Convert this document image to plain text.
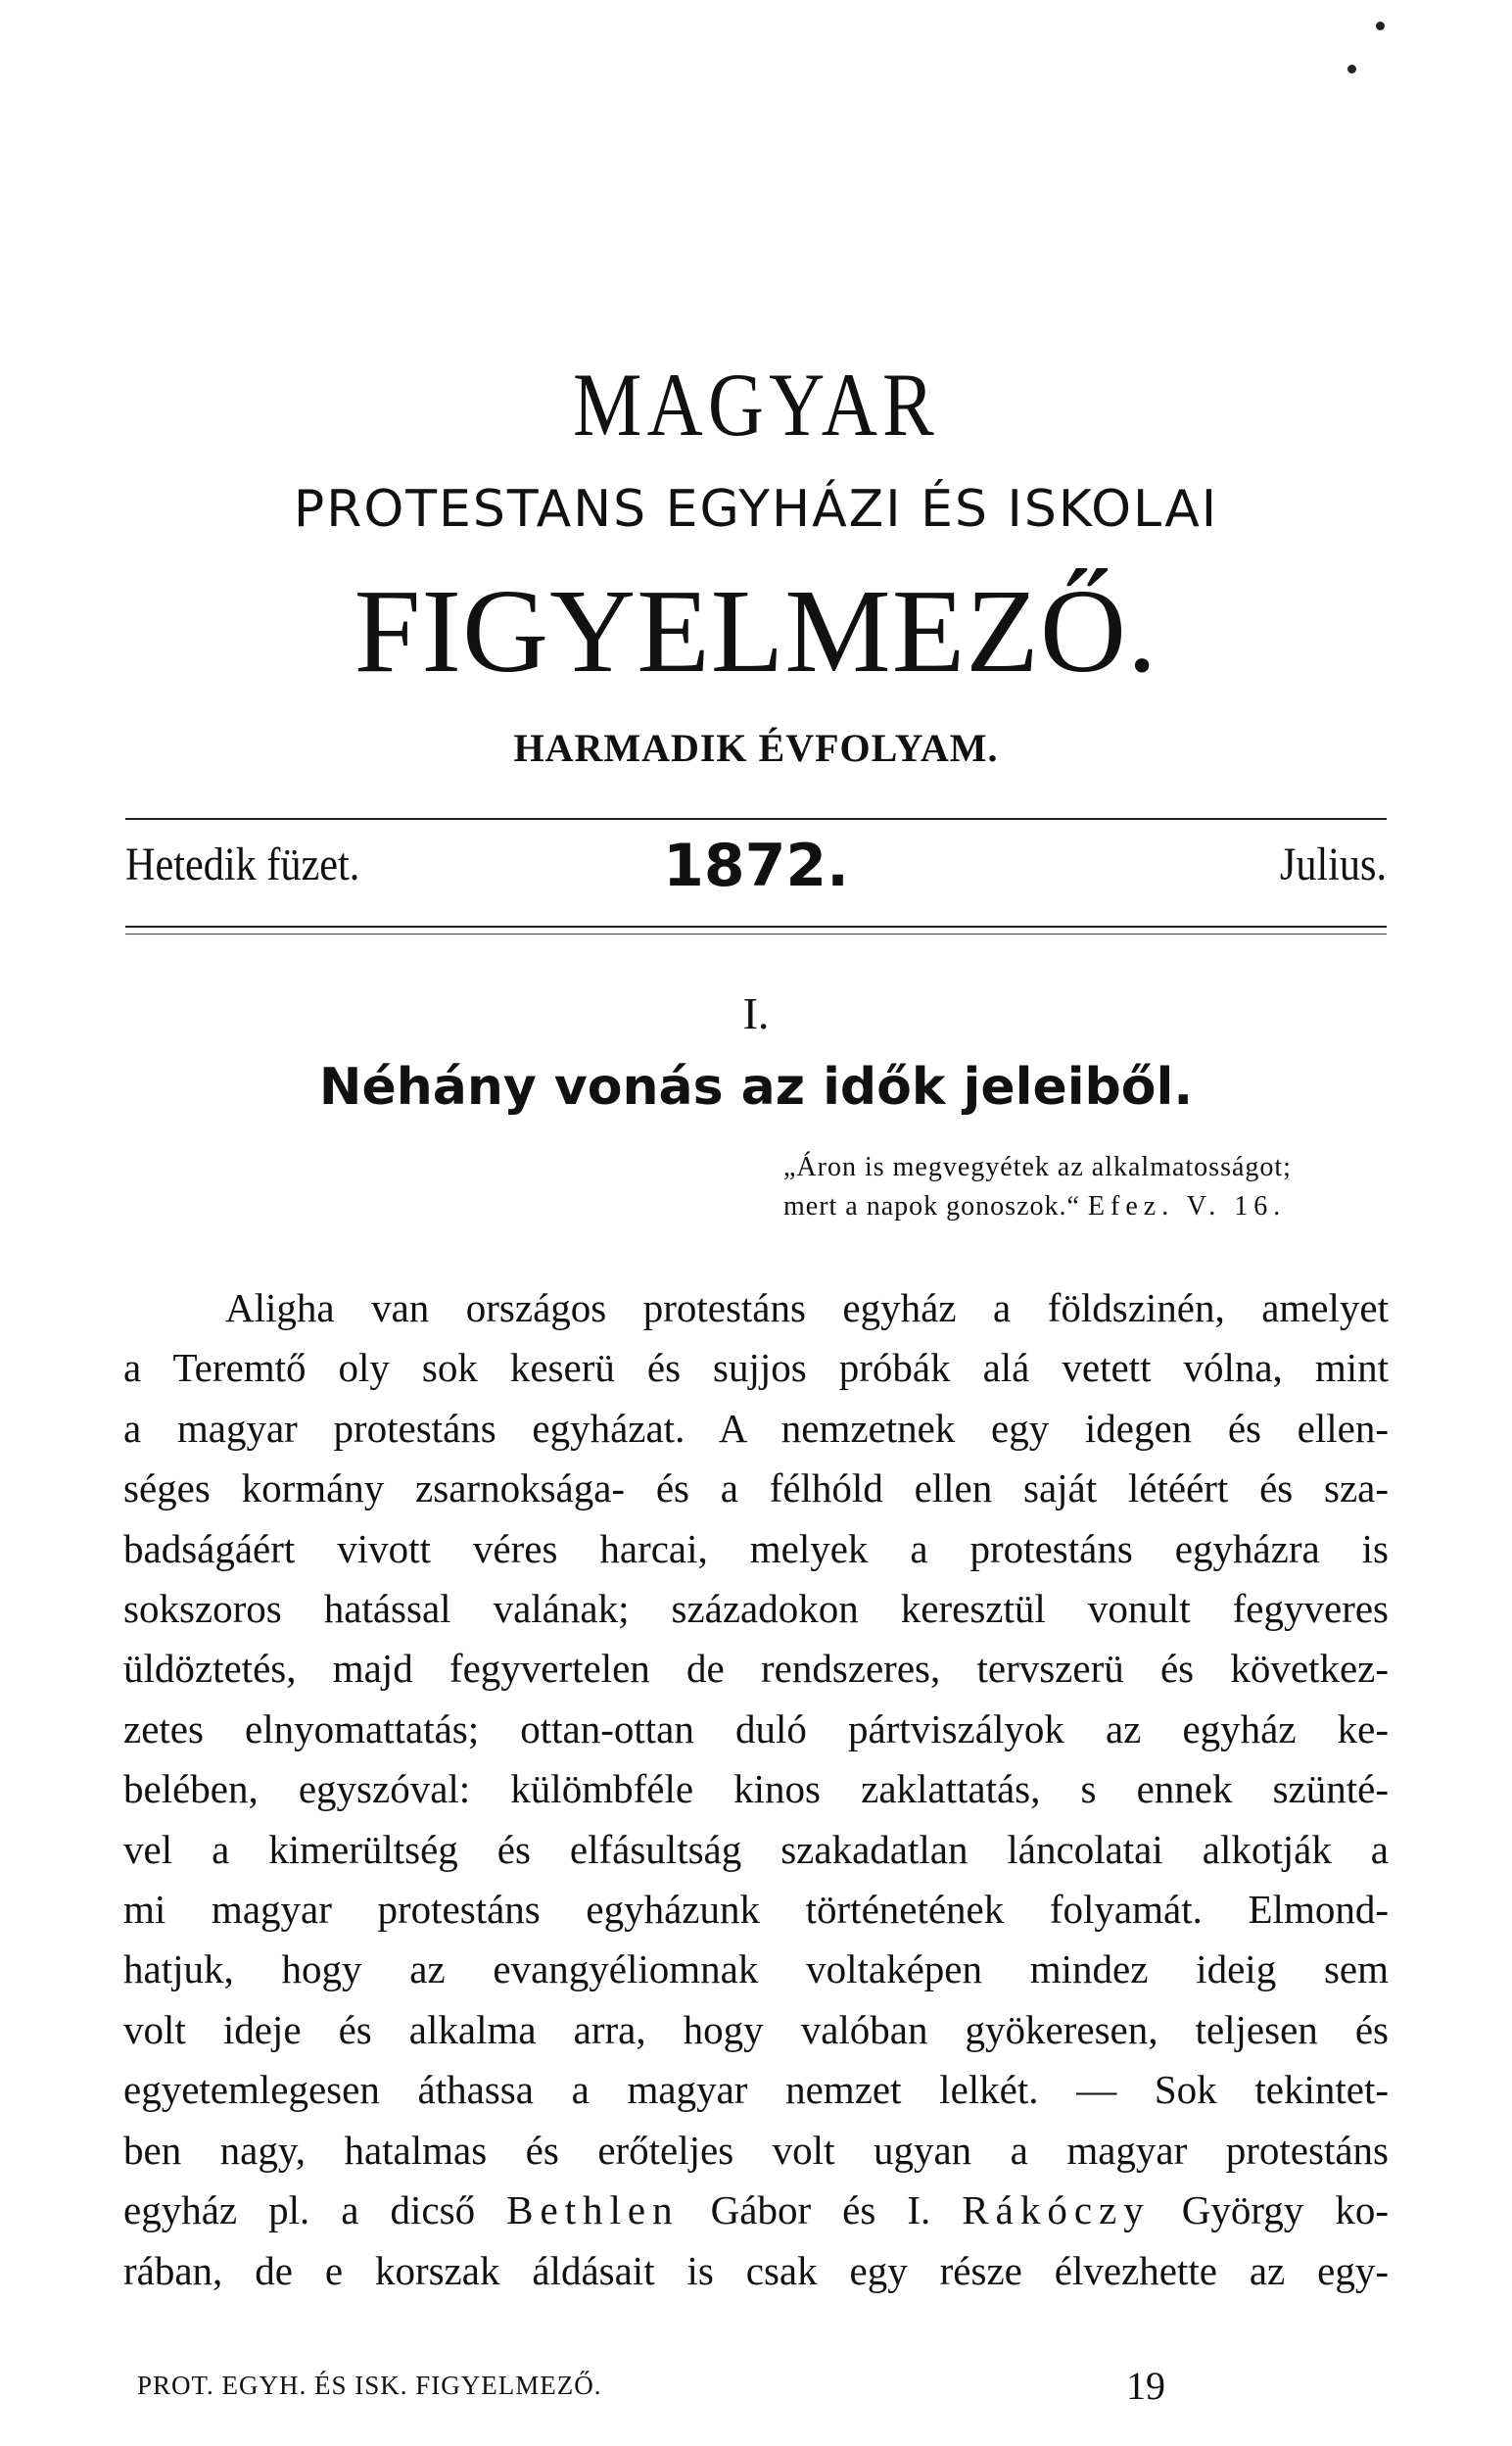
MAGYAR
PROTESTANS EGYHÁZI ÉS ISKOLAI
FIGYELMEZŐ.
HARMADIK ÉVFOLYAM.
Hetedik füzet.	1872.	Julius.
I.
Néhány vonás az idők jeleiből.
„Áron is megvegyétek az alkalmatosságot;
mert a napok gonoszok.“ Efez. V. 16.
Aligha van országos protestáns egyház a földszinén, amelyet
a Teremtő oly sok keserü és sujjos próbák alá vetett vólna, mint
a magyar protestáns egyházat. A nemzetnek egy idegen és ellen-
séges kormány zsarnoksága- és a félhóld ellen saját létéért és sza-
badságáért vivott véres harcai, melyek a protestáns egyházra is
sokszoros hatással valának; századokon keresztül vonult fegyveres
üldöztetés, majd fegyvertelen de rendszeres, tervszerü és következ-
zetes elnyomattatás; ottan-ottan duló pártviszályok az egyház ke-
belében, egyszóval: külömbféle kinos zaklattatás, s ennek szünté-
vel a kimerültség és elfásultság szakadatlan láncolatai alkotják a
mi magyar protestáns egyházunk történetének folyamát. Elmond-
hatjuk, hogy az evangyéliomnak voltaképen mindez ideig sem
volt ideje és alkalma arra, hogy valóban gyökeresen, teljesen és
egyetemlegesen áthassa a magyar nemzet lelkét. — Sok tekintet-
ben nagy, hatalmas és erőteljes volt ugyan a magyar protestáns
egyház pl. a dicső Bethlen Gábor és I. Rákóczy György ko-
rában, de e korszak áldásait is csak egy része élvezhette az egy-
PROT. EGYH. ÉS ISK. FIGYELMEZŐ.	19
